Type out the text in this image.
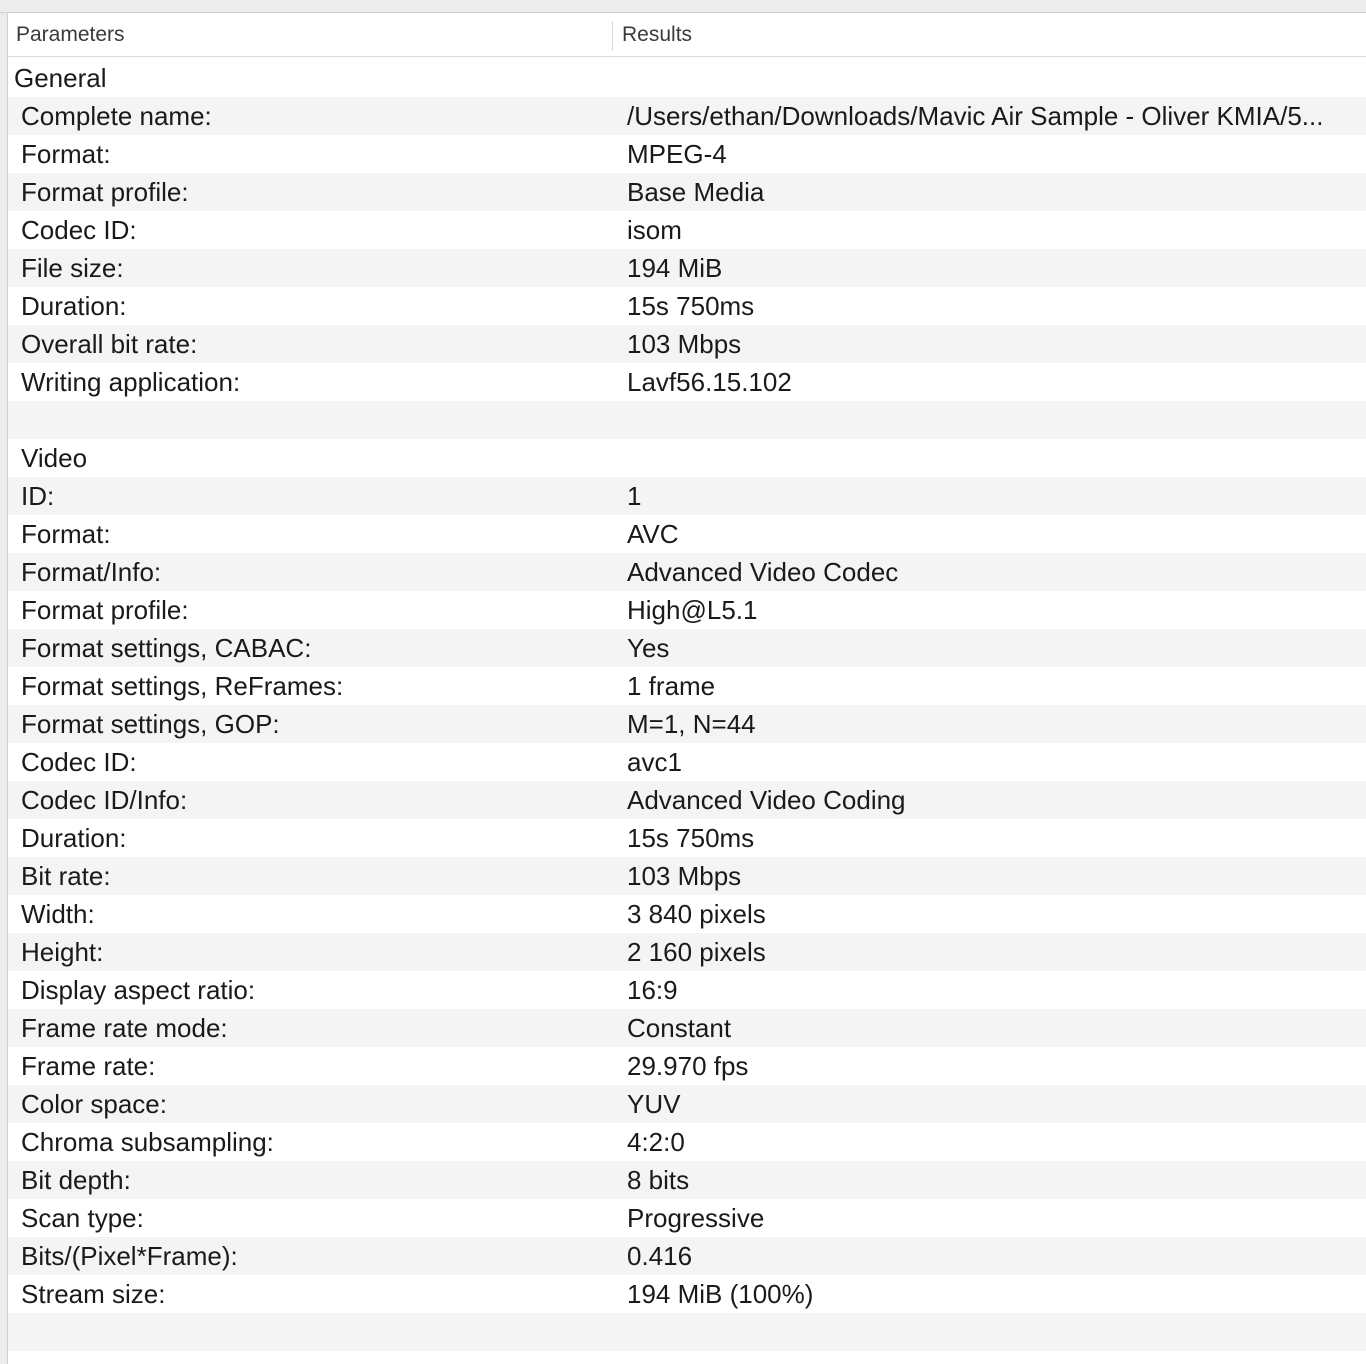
Parameters	Results
General
Complete name:	/Users/ethan/Downloads/Mavic Air Sample - Oliver KMIA/5...
Format:	MPEG-4
Format profile:	Base Media
Codec ID:	isom
File size:	194 MiB
Duration:	15s 750ms
Overall bit rate:	103 Mbps
Writing application:	Lavf56.15.102
Video
ID:	1
Format:	AVC
Format/Info:	Advanced Video Codec
Format profile:	High@L5.1
Format settings, CABAC:	Yes
Format settings, ReFrames:	1 frame
Format settings, GOP:	M=1, N=44
Codec ID:	avc1
Codec ID/Info:	Advanced Video Coding
Duration:	15s 750ms
Bit rate:	103 Mbps
Width:	3 840 pixels
Height:	2 160 pixels
Display aspect ratio:	16:9
Frame rate mode:	Constant
Frame rate:	29.970 fps
Color space:	YUV
Chroma subsampling:	4:2:0
Bit depth:	8 bits
Scan type:	Progressive
Bits/(Pixel*Frame):	0.416
Stream size:	194 MiB (100%)
